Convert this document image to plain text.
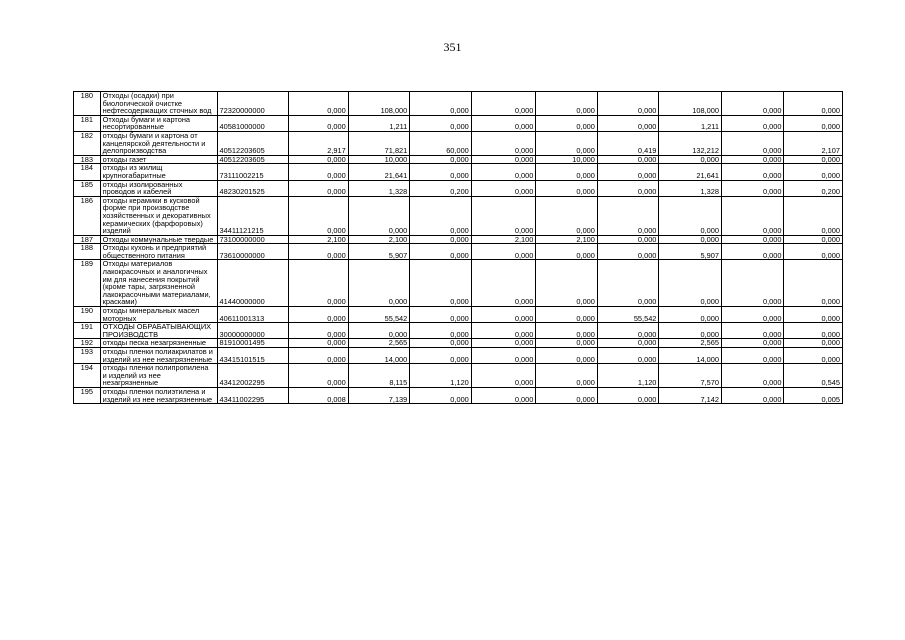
351
180	Отходы (осадки) при биологической очистке нефтесодержащих сточных вод	72320000000	0,000	108,000	0,000	0,000	0,000	0,000	108,000	0,000	0,000
181	Отходы бумаги и картона несортированные	40581000000	0,000	1,211	0,000	0,000	0,000	0,000	1,211	0,000	0,000
182	отходы бумаги и картона от канцелярской деятельности и делопроизводства	40512203605	2,917	71,821	60,000	0,000	0,000	0,419	132,212	0,000	2,107
183	отходы газет	40512203605	0,000	10,000	0,000	0,000	10,000	0,000	0,000	0,000	0,000
184	отходы из жилищ крупногабаритные	73111002215	0,000	21,641	0,000	0,000	0,000	0,000	21,641	0,000	0,000
185	отходы изолированных проводов и кабелей	48230201525	0,000	1,328	0,200	0,000	0,000	0,000	1,328	0,000	0,200
186	отходы керамики в кусковой форме при производстве хозяйственных и декоративных керамических (фарфоровых) изделий	34411121215	0,000	0,000	0,000	0,000	0,000	0,000	0,000	0,000	0,000
187	Отходы коммунальные твердые	73100000000	2,100	2,100	0,000	2,100	2,100	0,000	0,000	0,000	0,000
188	Отходы кухонь и предприятий общественного питания	73610000000	0,000	5,907	0,000	0,000	0,000	0,000	5,907	0,000	0,000
189	Отходы материалов лакокрасочных и аналогичных им для нанесения покрытий (кроме тары, загрязненной лакокрасочными материалами, красками)	41440000000	0,000	0,000	0,000	0,000	0,000	0,000	0,000	0,000	0,000
190	отходы минеральных масел моторных	40611001313	0,000	55,542	0,000	0,000	0,000	55,542	0,000	0,000	0,000
191	ОТХОДЫ ОБРАБАТЫВАЮЩИХ ПРОИЗВОДСТВ	30000000000	0,000	0,000	0,000	0,000	0,000	0,000	0,000	0,000	0,000
192	отходы песка незагрязненные	81910001495	0,000	2,565	0,000	0,000	0,000	0,000	2,565	0,000	0,000
193	отходы пленки полиакрилатов и изделий из нее незагрязненные	43415101515	0,000	14,000	0,000	0,000	0,000	0,000	14,000	0,000	0,000
194	отходы пленки полипропилена и изделий из нее незагрязненные	43412002295	0,000	8,115	1,120	0,000	0,000	1,120	7,570	0,000	0,545
195	отходы пленки полиэтилена и изделий из нее незагрязненные	43411002295	0,008	7,139	0,000	0,000	0,000	0,000	7,142	0,000	0,005
